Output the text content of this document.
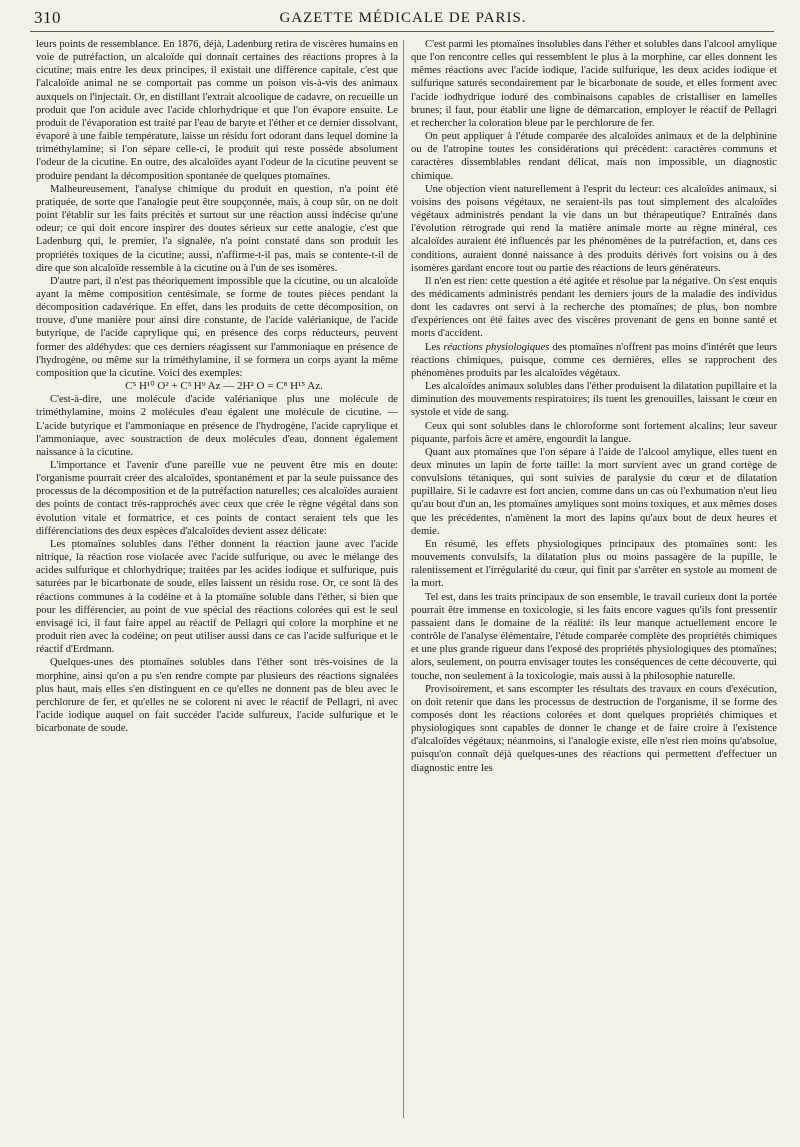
310	GAZETTE MÉDICALE DE PARIS.

leurs points de ressemblance. En 1876, déjà, Ladenburg retira de viscères humains en voie de putréfaction, un alcaloïde qui donnait certaines des réactions propres à la cicutine; mais entre les deux principes, il existait une différence capitale, c'est que l'alcaloïde animal ne se comportait pas comme un poison vis-à-vis des animaux auxquels on l'injectait. Or, en distillant l'extrait alcoolique de cadavre, on recueille un produit que l'on acidule avec l'acide chlorhydrique et que l'on évapore ensuite. Le produit de l'évaporation est traité par l'eau de baryte et l'éther et ce dernier dissolvant, évaporé à une faible température, laisse un résidu fort odorant dans lequel domine la triméthylamine; si l'on sépare celle-ci, le produit qui reste possède absolument l'odeur de la cicutine. En outre, des alcaloïdes ayant l'odeur de la cicutine peuvent se produire pendant la décomposition spontanée de quelques ptomaïnes.

Malheureusement, l'analyse chimique du produit en question, n'a point été pratiquée, de sorte que l'analogie peut être soupçonnée, mais, à coup sûr, on ne doit point l'établir sur les faits précités et surtout sur une réaction aussi indécise qu'une odeur; ce qui doit encore inspirer des doutes sérieux sur cette analogie, c'est que Ladenburg qui, le premier, l'a signalée, n'a point constaté dans son produit les propriétés toxiques de la cicutine; aussi, n'affirme-t-il pas, mais se contente-t-il de dire que son alcaloïde ressemble à la cicutine ou à l'un de ses isomères.

D'autre part, il n'est pas théoriquement impossible que la cicutine, ou un alcaloïde ayant la même composition centésimale, se forme de toutes pièces pendant la décomposition cadavérique. En effet, dans les produits de cette décomposition, on trouve, d'une manière pour ainsi dire constante, de l'acide valérianique, de l'acide butyrique, de l'acide caprylique qui, en présence des corps réducteurs, peuvent former des aldéhydes: que ces derniers réagissent sur l'ammoniaque en présence de l'hydrogène, ou même sur la triméthylamine, il se formera un corps ayant la même composition que la cicutine. Voici des exemples:

C⁵ H¹⁰ O² + C³ H⁹ Az — 2H² O = C⁸ H¹⁵ Az.

C'est-à-dire, une molécule d'acide valérianique plus une molécule de triméthylamine, moins 2 molécules d'eau égalent une molécule de cicutine. — L'acide butyrique et l'ammoniaque en présence de l'hydrogène, l'acide caprylique et l'ammoniaque, avec soustraction de deux molécules d'eau, donnent également naissance à la cicutine.

L'importance et l'avenir d'une pareille vue ne peuvent être mis en doute: l'organisme pourrait créer des alcaloïdes, spontanément et par la seule puissance des processus de la décomposition et de la putréfaction naturelles; ces alcaloïdes auraient des points de contact très-rapprochés avec ceux que crée le règne végétal dans son évolution vitale et formatrice, et ces points de contact seraient tels que les différenciations des deux espèces d'alcaloïdes devient assez délicate:

Les ptomaïnes solubles dans l'éther donnent la réaction jaune avec l'acide nitrique, la réaction rose violacée avec l'acide sulfurique, ou avec le mélange des acides sulfurique et chlorhydrique; traitées par les acides iodique et sulfurique, puis saturées par le bicarbonate de soude, elles laissent un résidu rose. Or, ce sont là des réactions communes à la codéine et à la ptomaïne soluble dans l'éther, si bien que pour les différencier, au point de vue spécial des réactions colorées qui est le seul envisagé ici, il faut faire appel au réactif de Pellagri qui colore la morphine et ne produit rien avec la codéine; on peut utiliser aussi dans ce cas l'acide sulfurique et le réactif d'Erdmann.

Quelques-unes des ptomaïnes solubles dans l'éther sont très-voisines de la morphine, ainsi qu'on a pu s'en rendre compte par plusieurs des réactions signalées plus haut, mais elles s'en distinguent en ce qu'elles ne donnent pas de bleu avec le perchlorure de fer, et qu'elles ne se colorent ni avec le réactif de Pellagri, ni avec l'acide iodique auquel on fait succéder l'acide sulfureux, l'acide sulfurique et le bicarbonate de soude.

C'est parmi les ptomaïnes insolubles dans l'éther et solubles dans l'alcool amylique que l'on rencontre celles qui ressemblent le plus à la morphine, car elles donnent les mêmes réactions avec l'acide iodique, l'acide sulfurique, les deux acides iodique et sulfurique saturés secondairement par le bicarbonate de soude, et elles forment avec l'acide iodhydrique ioduré des combinaisons capables de cristalliser en lamelles brunes; il faut, pour établir une ligne de démarcation, employer le réactif de Pellagri et rechercher la coloration bleue par le perchlorure de fer.

On peut appliquer à l'étude comparée des alcaloïdes animaux et de la delphinine ou de l'atropine toutes les considérations qui précèdent: caractères communs et caractères dissemblables rendant délicat, mais non impossible, un diagnostic chimique.

Une objection vient naturellement à l'esprit du lecteur: ces alcaloïdes animaux, si voisins des poisons végétaux, ne seraient-ils pas tout simplement des alcaloïdes végétaux administrés pendant la vie dans un but thérapeutique? Entraînés dans l'évolution rétrograde qui rend la matière animale morte au règne minéral, ces alcaloïdes auraient été influencés par les phénomènes de la putréfaction, et, dans ces conditions, auraient donné naissance à des produits dérivés fort voisins ou à des isomères gardant encore tout ou partie des réactions de leurs générateurs.

Il n'en est rien: cette question a été agitée et résolue par la négative. On s'est enquis des médicaments administrés pendant les derniers jours de la maladie des individus dont les cadavres ont servi à la recherche des ptomaïnes; de plus, bon nombre d'expériences ont été faites avec des viscères provenant de gens en bonne santé et morts d'accident.

Les réactions physiologiques des ptomaïnes n'offrent pas moins d'intérêt que leurs réactions chimiques, puisque, comme ces dernières, elles se rapprochent des phénomènes produits par les alcaloïdes végétaux.

Les alcaloïdes animaux solubles dans l'éther produisent la dilatation pupillaire et la diminution des mouvements respiratoires; ils tuent les grenouilles, laissant le cœur en systole et vide de sang.

Ceux qui sont solubles dans le chloroforme sont fortement alcalins; leur saveur piquante, parfois âcre et amère, engourdit la langue.

Quant aux ptomaïnes que l'on sépare à l'aide de l'alcool amylique, elles tuent en deux minutes un lapin de forte taille: la mort survient avec un grand cortège de convulsions tétaniques, qui sont suivies de paralysie du cœur et de dilatation pupillaire. Si le cadavre est fort ancien, comme dans un cas où l'exhumation n'eut lieu qu'au bout d'un an, les ptomaïnes amyliques sont moins toxiques, et aux mêmes doses que les précédentes, n'amènent la mort des lapins qu'aux bout de deux heures et demie.

En résumé, les effets physiologiques principaux des ptomaïnes sont: les mouvements convulsifs, la dilatation plus ou moins passagère de la pupille, le ralentissement et l'irrégularité du cœur, qui finit par s'arrêter en systole au moment de la mort.

Tel est, dans les traits principaux de son ensemble, le travail curieux dont la portée pourrait être immense en toxicologie, si les faits encore vagues qu'ils font pressentir passaient dans le domaine de la réalité: ils leur manque actuellement encore le contrôle de l'analyse élémentaire, l'étude comparée complète des propriétés chimiques et une plus grande rigueur dans l'exposé des propriétés physiologiques des ptomaïnes; alors, seulement, on pourra envisager toutes les conséquences de cette découverte, qui touche, non seulement à la toxicologie, mais aussi à la philosophie naturelle.

Provisoirement, et sans escompter les résultats des travaux en cours d'exécution, on doit retenir que dans les processus de destruction de l'organisme, il se forme des composés dont les réactions colorées et dont quelques propriétés chimiques et physiologiques sont capables de donner le change et de faire croire à l'existence d'alcaloïdes végétaux; néanmoins, si l'analogie existe, elle n'est rien moins qu'absolue, puisqu'on connaît déjà quelques-unes des réactions qui permettent d'effectuer un diagnostic entre les
